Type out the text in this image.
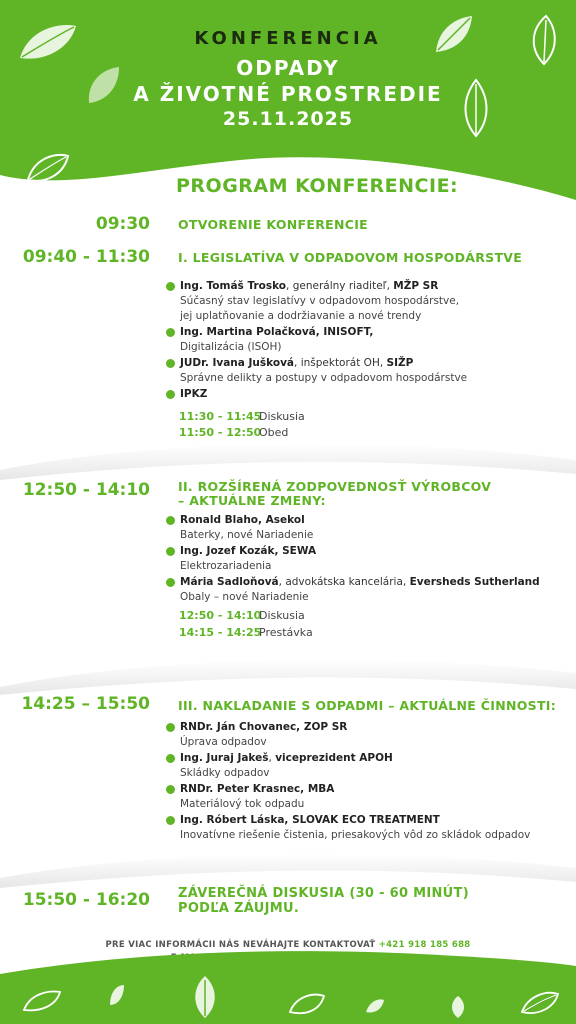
KONFERENCIA
ODPADY
A ŽIVOTNÉ PROSTREDIE
25.11.2025
PROGRAM KONFERENCIE:
09:30 OTVORENIE KONFERENCIE
09:40 - 11:30 I. LEGISLATÍVA V ODPADOVOM HOSPODÁRSTVE
Ing. Tomáš Trosko, generálny riaditeľ, MŽP SR
Súčasný stav legislatívy v odpadovom hospodárstve,
jej uplatňovanie a dodržiavanie a nové trendy
Ing. Martina Polačková, INISOFT,
Digitalizácia (ISOH)
JUDr. Ivana Jušková, inšpektorát OH, SIŽP
Správne delikty a postupy v odpadovom hospodárstve
IPKZ
11:30 - 11:45Diskusia
11:50 - 12:50Obed
12:50 - 14:10 II. ROZŠÍRENÁ ZODPOVEDNOSŤ VÝROBCOV
– AKTUÁLNE ZMENY:
Ronald Blaho, Asekol
Baterky, nové Nariadenie
Ing. Jozef Kozák, SEWA
Elektrozariadenia
Mária Sadloňová, advokátska kancelária, Eversheds Sutherland
Obaly – nové Nariadenie
12:50 - 14:10Diskusia
14:15 - 14:25Prestávka
14:25 – 15:50 III. NAKLADANIE S ODPADMI – AKTUÁLNE ČINNOSTI:
RNDr. Ján Chovanec, ZOP SR
Úprava odpadov
Ing. Juraj Jakeš, viceprezident APOH
Skládky odpadov
RNDr. Peter Krasnec, MBA
Materiálový tok odpadu
Ing. Róbert Láska, SLOVAK ECO TREATMENT
Inovatívne riešenie čistenia, priesakových vôd zo skládok odpadov
15:50 - 16:20 ZÁVEREČNÁ DISKUSIA (30 - 60 MINÚT)
PODĽA ZÁUJMU.
PRE VIAC INFORMÁCII NÁS NEVÁHAJTE KONTAKTOVAŤ +421 918 185 688
